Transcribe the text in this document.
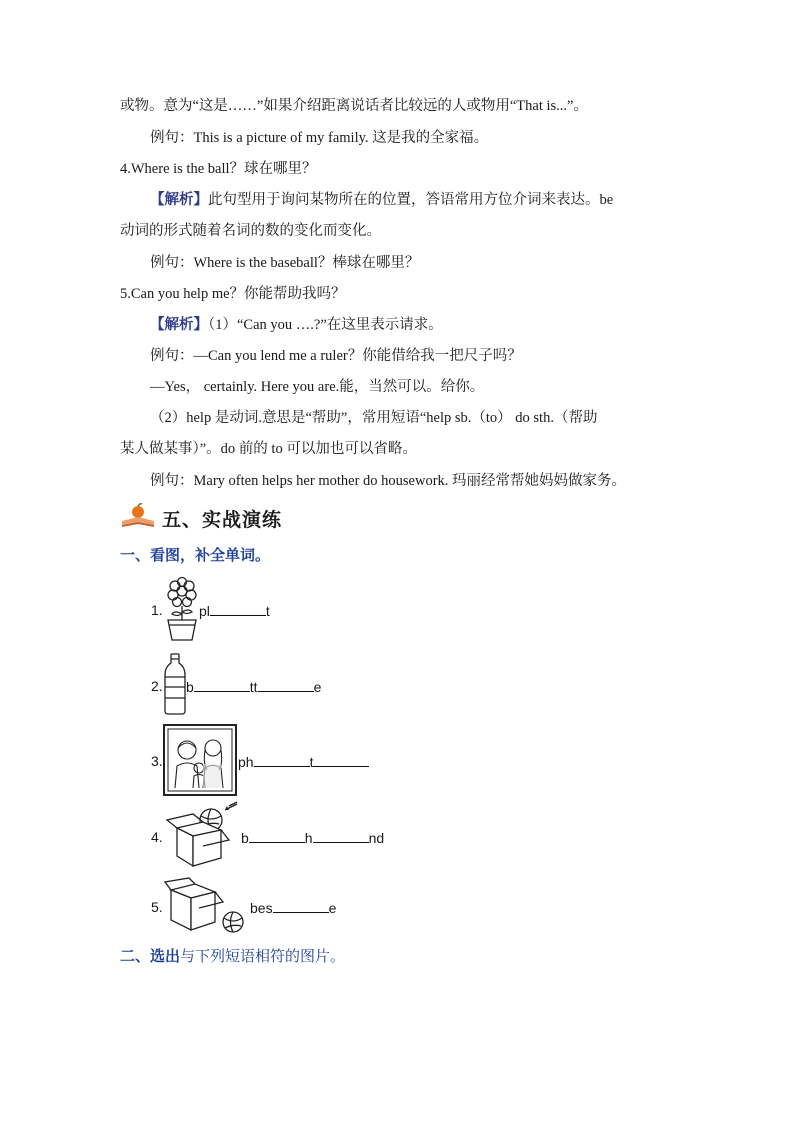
或物。意为“这是……”如果介绍距离说话者比较远的人或物用“That is...”。
例句：This is a picture of my family. 这是我的全家福。
4.Where is the ball？球在哪里？
【解析】此句型用于询问某物所在的位置，答语常用方位介词来表达。be
动词的形式随着名词的数的变化而变化。
例句：Where is the baseball？棒球在哪里？
5.Can you help me？你能帮助我吗？
【解析】（1）“Can you ….?”在这里表示请求。
例句：—Can you lend me a ruler？你能借给我一把尺子吗？
—Yes， certainly. Here you are.能，当然可以。给你。
（2）help 是动词.意思是“帮助”，常用短语“help sb.（to） do sth.（帮助
某人做某事）”。do 前的 to 可以加也可以省略。
例句：Mary often helps her mother do housework. 玛丽经常帮她妈妈做家务。
五、实战演练
一、看图，补全单词。
1.	pl	t
2. b	tt	e
3.	ph	t
4.	b	h	nd
5.	bes	e
二、选出与下列短语相符的图片。
